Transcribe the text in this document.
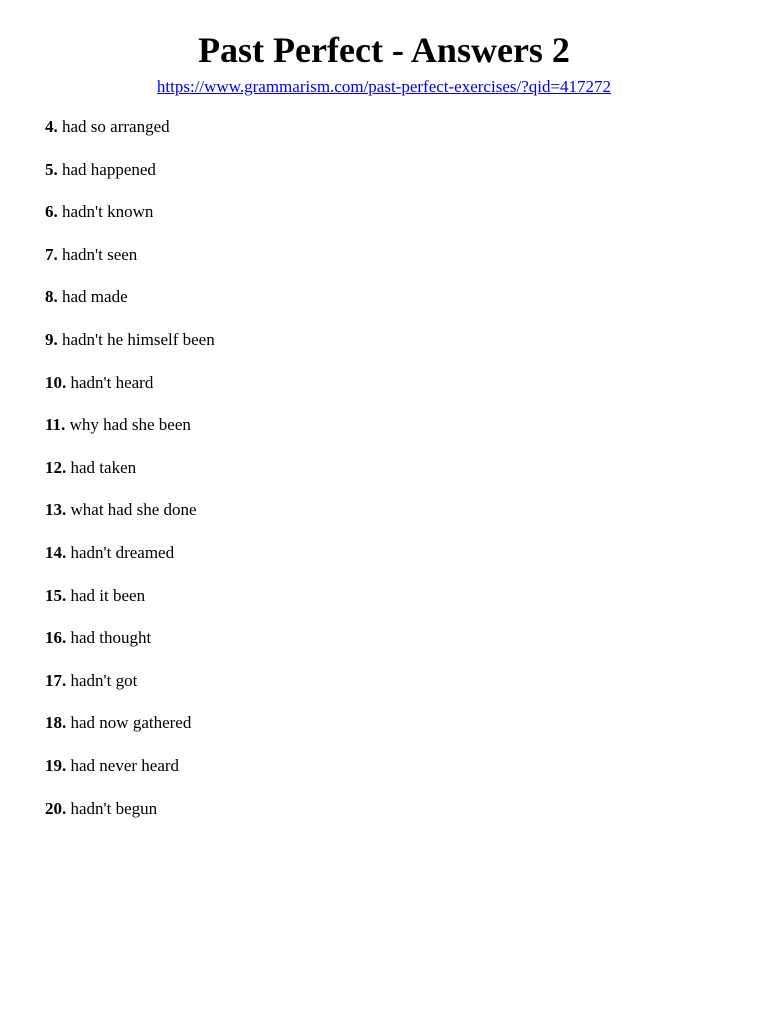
Past Perfect - Answers 2
https://www.grammarism.com/past-perfect-exercises/?qid=417272
4. had so arranged
5. had happened
6. hadn't known
7. hadn't seen
8. had made
9. hadn't he himself been
10. hadn't heard
11. why had she been
12. had taken
13. what had she done
14. hadn't dreamed
15. had it been
16. had thought
17. hadn't got
18. had now gathered
19. had never heard
20. hadn't begun
